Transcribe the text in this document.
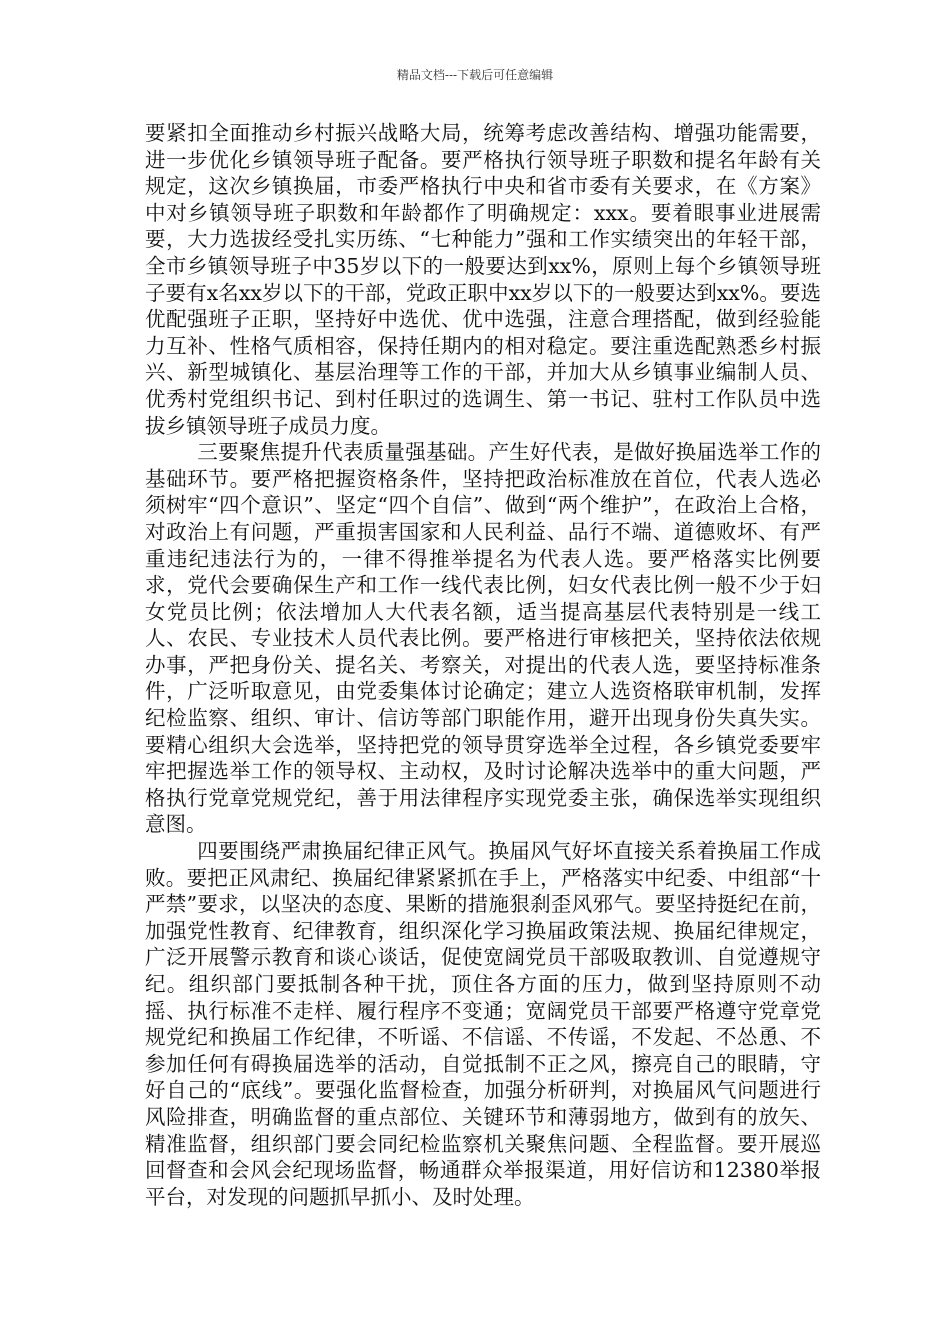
精品文档---下载后可任意编辑

要紧扣全面推动乡村振兴战略大局，统筹考虑改善结构、增强功能需要，进一步优化乡镇领导班子配备。要严格执行领导班子职数和提名年龄有关规定，这次乡镇换届，市委严格执行中央和省市委有关要求，在《方案》中对乡镇领导班子职数和年龄都作了明确规定：xxx。要着眼事业进展需要，大力选拔经受扎实历练、“七种能力”强和工作实绩突出的年轻干部，全市乡镇领导班子中35岁以下的一般要达到xx%，原则上每个乡镇领导班子要有x名xx岁以下的干部，党政正职中xx岁以下的一般要达到xx%。要选优配强班子正职，坚持好中选优、优中选强，注意合理搭配，做到经验能力互补、性格气质相容，保持任期内的相对稳定。要注重选配熟悉乡村振兴、新型城镇化、基层治理等工作的干部，并加大从乡镇事业编制人员、优秀村党组织书记、到村任职过的选调生、第一书记、驻村工作队员中选拔乡镇领导班子成员力度。

三要聚焦提升代表质量强基础。产生好代表，是做好换届选举工作的基础环节。要严格把握资格条件，坚持把政治标准放在首位，代表人选必须树牢“四个意识”、坚定“四个自信”、做到“两个维护”，在政治上合格，对政治上有问题，严重损害国家和人民利益、品行不端、道德败坏、有严重违纪违法行为的，一律不得推举提名为代表人选。要严格落实比例要求，党代会要确保生产和工作一线代表比例，妇女代表比例一般不少于妇女党员比例；依法增加人大代表名额，适当提高基层代表特别是一线工人、农民、专业技术人员代表比例。要严格进行审核把关，坚持依法依规办事，严把身份关、提名关、考察关，对提出的代表人选，要坚持标准条件，广泛听取意见，由党委集体讨论确定；建立人选资格联审机制，发挥纪检监察、组织、审计、信访等部门职能作用，避开出现身份失真失实。要精心组织大会选举，坚持把党的领导贯穿选举全过程，各乡镇党委要牢牢把握选举工作的领导权、主动权，及时讨论解决选举中的重大问题，严格执行党章党规党纪，善于用法律程序实现党委主张，确保选举实现组织意图。

四要围绕严肃换届纪律正风气。换届风气好坏直接关系着换届工作成败。要把正风肃纪、换届纪律紧紧抓在手上，严格落实中纪委、中组部“十严禁”要求，以坚决的态度、果断的措施狠刹歪风邪气。要坚持挺纪在前，加强党性教育、纪律教育，组织深化学习换届政策法规、换届纪律规定，广泛开展警示教育和谈心谈话，促使宽阔党员干部吸取教训、自觉遵规守纪。组织部门要抵制各种干扰，顶住各方面的压力，做到坚持原则不动摇、执行标准不走样、履行程序不变通；宽阔党员干部要严格遵守党章党规党纪和换届工作纪律，不听谣、不信谣、不传谣，不发起、不怂恿、不参加任何有碍换届选举的活动，自觉抵制不正之风，擦亮自己的眼睛，守好自己的“底线”。要强化监督检查，加强分析研判，对换届风气问题进行风险排查，明确监督的重点部位、关键环节和薄弱地方，做到有的放矢、精准监督，组织部门要会同纪检监察机关聚焦问题、全程监督。要开展巡回督查和会风会纪现场监督，畅通群众举报渠道，用好信访和12380举报平台，对发现的问题抓早抓小、及时处理。
